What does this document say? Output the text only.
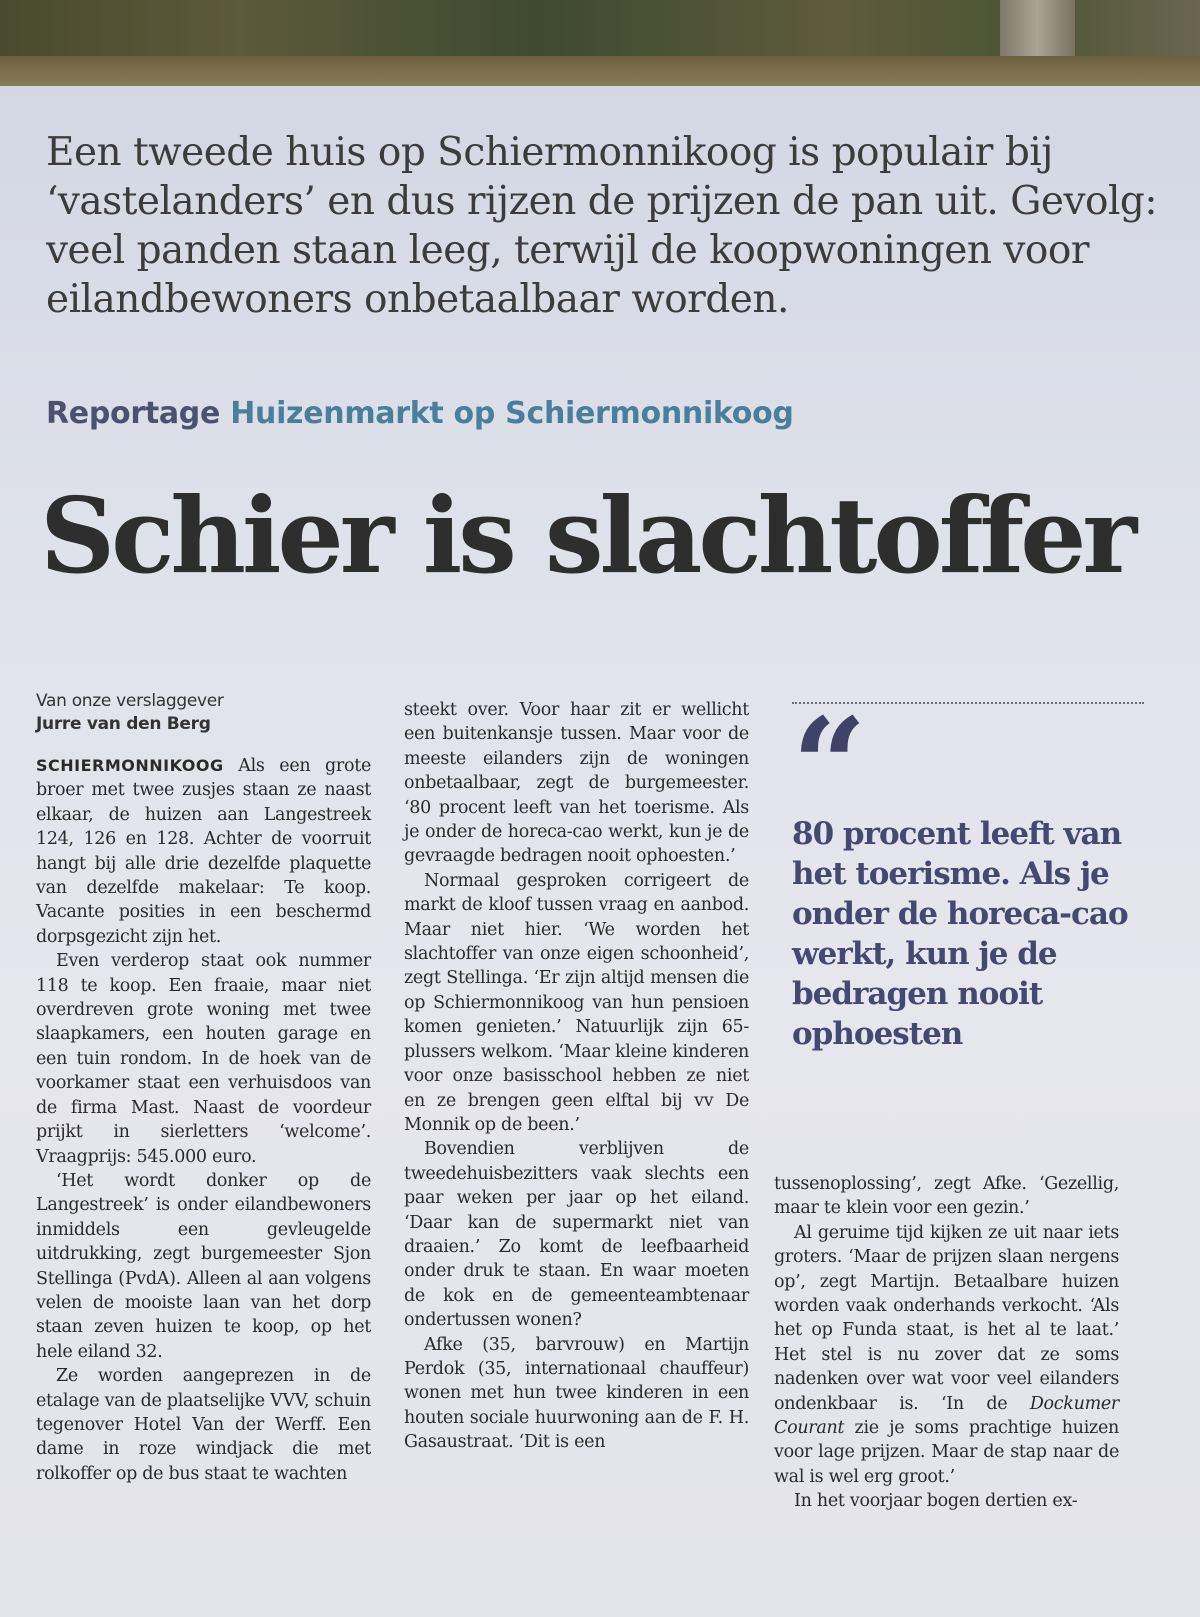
Een tweede huis op Schiermonnikoog is populair bij ‘vastelanders’ en dus rijzen de prijzen de pan uit. Gevolg: veel panden staan leeg, terwijl de koopwoningen voor eilandbewoners onbetaalbaar worden.

Reportage Huizenmarkt op Schiermonnikoog

Schier is slachtoffer

Van onze verslaggever

Jurre van den Berg

SCHIERMONNIKOOG Als een grote broer met twee zusjes staan ze naast elkaar, de huizen aan Langestreek 124, 126 en 128. Achter de voorruit hangt bij alle drie dezelfde plaquette van dezelfde makelaar: Te koop. Vacante posities in een beschermd dorpsgezicht zijn het.

Even verderop staat ook nummer 118 te koop. Een fraaie, maar niet overdreven grote woning met twee slaapkamers, een houten garage en een tuin rondom. In de hoek van de voorkamer staat een verhuisdoos van de firma Mast. Naast de voordeur prijkt in sierletters ‘welcome’. Vraagprijs: 545.000 euro.

‘Het wordt donker op de Langestreek’ is onder eilandbewoners inmiddels een gevleugelde uitdrukking, zegt burgemeester Sjon Stellinga (PvdA). Alleen al aan volgens velen de mooiste laan van het dorp staan zeven huizen te koop, op het hele eiland 32.

Ze worden aangeprezen in de etalage van de plaatselijke VVV, schuin tegenover Hotel Van der Werff. Een dame in roze windjack die met rolkoffer op de bus staat te wachten

steekt over. Voor haar zit er wellicht een buitenkansje tussen. Maar voor de meeste eilanders zijn de woningen onbetaalbaar, zegt de burgemeester. ‘80 procent leeft van het toerisme. Als je onder de horeca-cao werkt, kun je de gevraagde bedragen nooit ophoesten.’

Normaal gesproken corrigeert de markt de kloof tussen vraag en aanbod. Maar niet hier. ‘We worden het slachtoffer van onze eigen schoonheid’, zegt Stellinga. ‘Er zijn altijd mensen die op Schiermonnikoog van hun pensioen komen genieten.’ Natuurlijk zijn 65-plussers welkom. ‘Maar kleine kinderen voor onze basisschool hebben ze niet en ze brengen geen elftal bij vv De Monnik op de been.’

Bovendien verblijven de tweedehuisbezitters vaak slechts een paar weken per jaar op het eiland. ‘Daar kan de supermarkt niet van draaien.’ Zo komt de leefbaarheid onder druk te staan. En waar moeten de kok en de gemeenteambtenaar ondertussen wonen?

Afke (35, barvrouw) en Martijn Perdok (35, internationaal chauffeur) wonen met hun twee kinderen in een houten sociale huurwoning aan de F. H. Gasaustraat. ‘Dit is een

“

80 procent leeft van het toerisme. Als je onder de horeca-cao werkt, kun je de bedragen nooit ophoesten

tussenoplossing’, zegt Afke. ‘Gezellig, maar te klein voor een gezin.’

Al geruime tijd kijken ze uit naar iets groters. ‘Maar de prijzen slaan nergens op’, zegt Martijn. Betaalbare huizen worden vaak onderhands verkocht. ‘Als het op Funda staat, is het al te laat.’ Het stel is nu zover dat ze soms nadenken over wat voor veel eilanders ondenkbaar is. ‘In de Dockumer Courant zie je soms prachtige huizen voor lage prijzen. Maar de stap naar de wal is wel erg groot.’

In het voorjaar bogen dertien ex-
